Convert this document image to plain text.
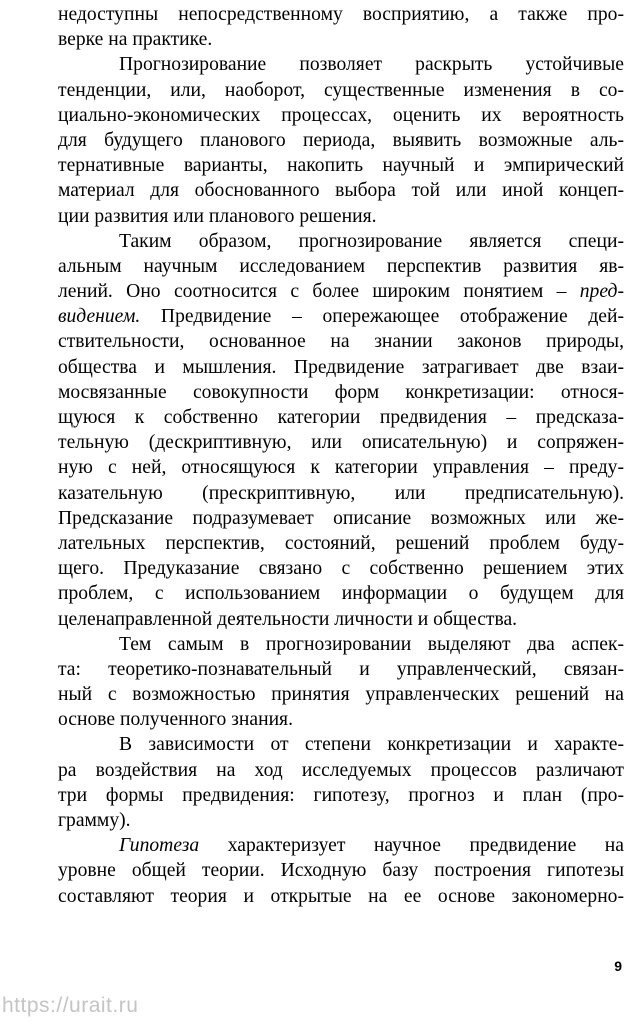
недоступны непосредственному восприятию, а также про-
верке на практике.
Прогнозирование позволяет раскрыть устойчивые
тенденции, или, наоборот, существенные изменения в со-
циально-экономических процессах, оценить их вероятность
для будущего планового периода, выявить возможные аль-
тернативные варианты, накопить научный и эмпирический
материал для обоснованного выбора той или иной концеп-
ции развития или планового решения.
Таким образом, прогнозирование является специ-
альным научным исследованием перспектив развития яв-
лений. Оно соотносится с более широким понятием – пред-
видением. Предвидение – опережающее отображение дей-
ствительности, основанное на знании законов природы,
общества и мышления. Предвидение затрагивает две взаи-
мосвязанные совокупности форм конкретизации: относя-
щуюся к собственно категории предвидения – предсказа-
тельную (дескриптивную, или описательную) и сопряжен-
ную с ней, относящуюся к категории управления – преду-
казательную (прескриптивную, или предписательную).
Предсказание подразумевает описание возможных или же-
лательных перспектив, состояний, решений проблем буду-
щего. Предуказание связано с собственно решением этих
проблем, с использованием информации о будущем для
целенаправленной деятельности личности и общества.
Тем самым в прогнозировании выделяют два аспек-
та: теоретико-познавательный и управленческий, связан-
ный с возможностью принятия управленческих решений на
основе полученного знания.
В зависимости от степени конкретизации и характе-
ра воздействия на ход исследуемых процессов различают
три формы предвидения: гипотезу, прогноз и план (про-
грамму).
Гипотеза характеризует научное предвидение на
уровне общей теории. Исходную базу построения гипотезы
составляют теория и открытые на ее основе закономерно-
9
https://urait.ru
